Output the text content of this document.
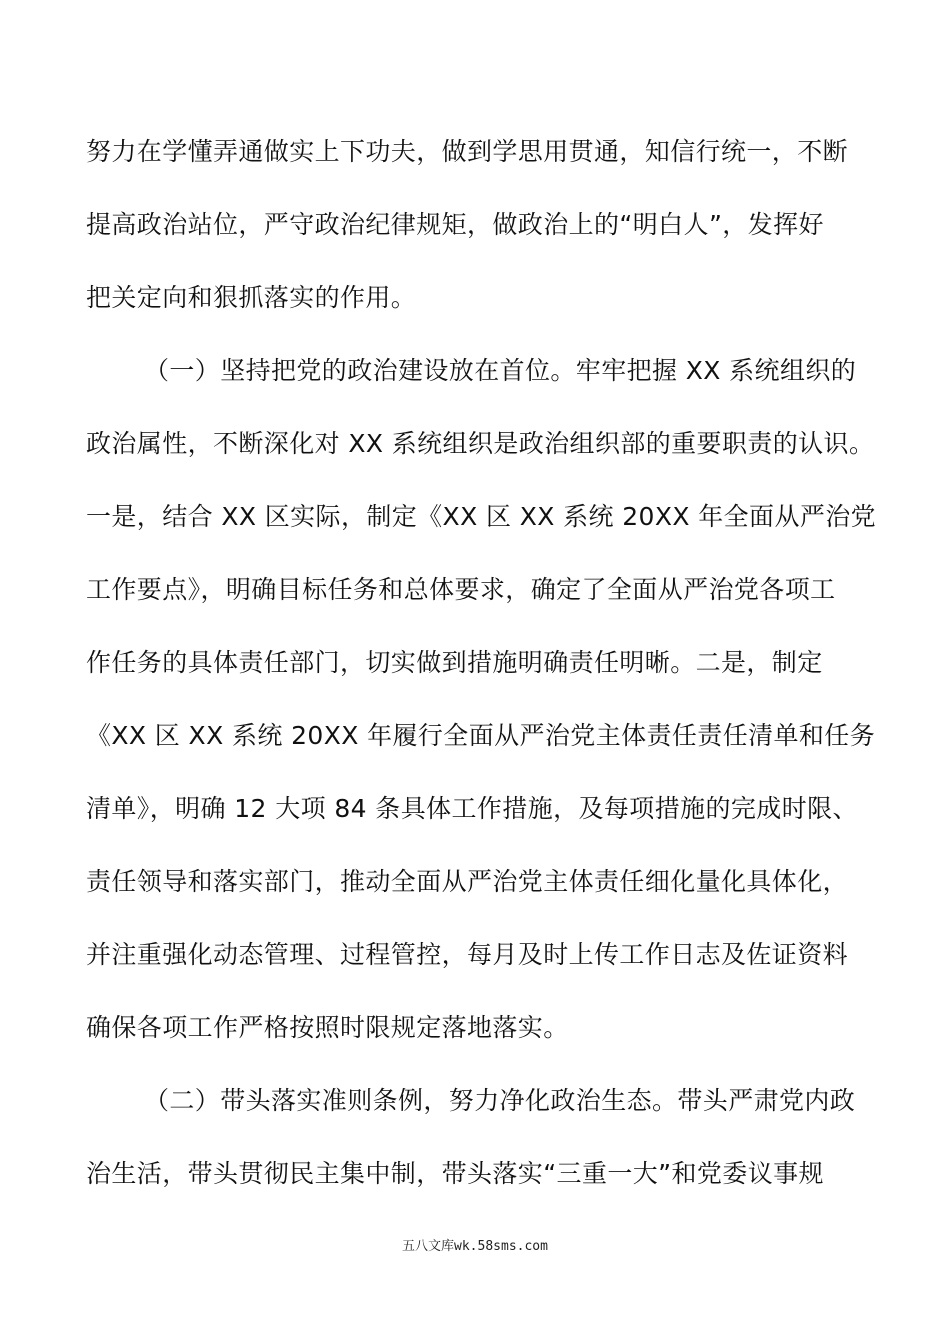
努力在学懂弄通做实上下功夫，做到学思用贯通，知信行统一，不断
提高政治站位，严守政治纪律规矩，做政治上的“明白人”，发挥好
把关定向和狠抓落实的作用。
（一）坚持把党的政治建设放在首位。牢牢把握 XX 系统组织的
政治属性，不断深化对 XX 系统组织是政治组织部的重要职责的认识。
一是，结合 XX 区实际，制定《XX 区 XX 系统 20XX 年全面从严治党
工作要点》，明确目标任务和总体要求，确定了全面从严治党各项工
作任务的具体责任部门，切实做到措施明确责任明晰。二是，制定
《XX 区 XX 系统 20XX 年履行全面从严治党主体责任责任清单和任务
清单》，明确 12 大项 84 条具体工作措施，及每项措施的完成时限、
责任领导和落实部门，推动全面从严治党主体责任细化量化具体化，
并注重强化动态管理、过程管控，每月及时上传工作日志及佐证资料
确保各项工作严格按照时限规定落地落实。
（二）带头落实准则条例，努力净化政治生态。带头严肃党内政
治生活，带头贯彻民主集中制，带头落实“三重一大”和党委议事规
五八文库wk.58sms.com
